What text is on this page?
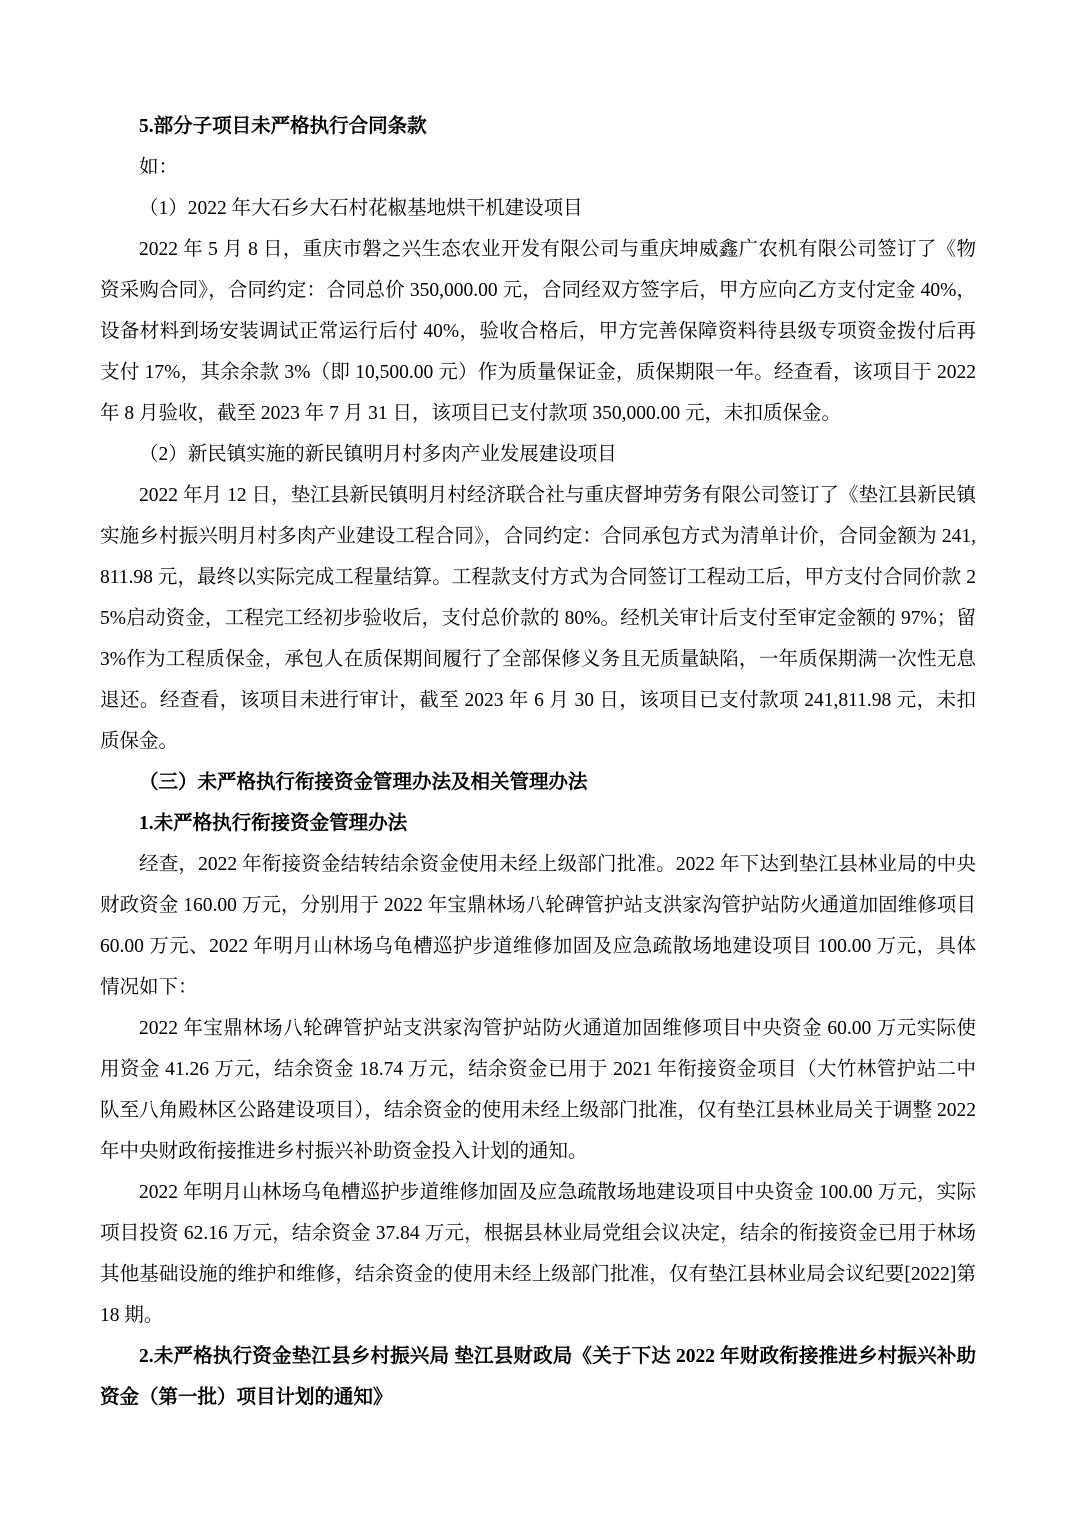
5.部分子项目未严格执行合同条款

如：

（1）2022 年大石乡大石村花椒基地烘干机建设项目

2022 年 5 月 8 日，重庆市磐之兴生态农业开发有限公司与重庆坤威鑫广农机有限公司签订了《物资采购合同》，合同约定：合同总价 350,000.00 元，合同经双方签字后，甲方应向乙方支付定金 40%，设备材料到场安装调试正常运行后付 40%，验收合格后，甲方完善保障资料待县级专项资金拨付后再支付 17%，其余余款 3%（即 10,500.00 元）作为质量保证金，质保期限一年。经查看，该项目于 2022 年 8 月验收，截至 2023 年 7 月 31 日，该项目已支付款项 350,000.00 元，未扣质保金。

（2）新民镇实施的新民镇明月村多肉产业发展建设项目

2022 年月 12 日，垫江县新民镇明月村经济联合社与重庆督坤劳务有限公司签订了《垫江县新民镇实施乡村振兴明月村多肉产业建设工程合同》，合同约定：合同承包方式为清单计价，合同金额为 241,811.98 元，最终以实际完成工程量结算。工程款支付方式为合同签订工程动工后，甲方支付合同价款 25%启动资金，工程完工经初步验收后，支付总价款的 80%。经机关审计后支付至审定金额的 97%；留 3%作为工程质保金，承包人在质保期间履行了全部保修义务且无质量缺陷，一年质保期满一次性无息退还。经查看，该项目未进行审计，截至 2023 年 6 月 30 日，该项目已支付款项 241,811.98 元，未扣质保金。

（三）未严格执行衔接资金管理办法及相关管理办法

1.未严格执行衔接资金管理办法

经查，2022 年衔接资金结转结余资金使用未经上级部门批准。2022 年下达到垫江县林业局的中央财政资金 160.00 万元，分别用于 2022 年宝鼎林场八轮碑管护站支洪家沟管护站防火通道加固维修项目 60.00 万元、2022 年明月山林场乌龟槽巡护步道维修加固及应急疏散场地建设项目 100.00 万元，具体情况如下：

2022 年宝鼎林场八轮碑管护站支洪家沟管护站防火通道加固维修项目中央资金 60.00 万元实际使用资金 41.26 万元，结余资金 18.74 万元，结余资金已用于 2021 年衔接资金项目（大竹林管护站二中队至八角殿林区公路建设项目），结余资金的使用未经上级部门批准，仅有垫江县林业局关于调整 2022 年中央财政衔接推进乡村振兴补助资金投入计划的通知。

2022 年明月山林场乌龟槽巡护步道维修加固及应急疏散场地建设项目中央资金 100.00 万元，实际项目投资 62.16 万元，结余资金 37.84 万元，根据县林业局党组会议决定，结余的衔接资金已用于林场其他基础设施的维护和维修，结余资金的使用未经上级部门批准，仅有垫江县林业局会议纪要[2022]第 18 期。

2.未严格执行资金垫江县乡村振兴局 垫江县财政局《关于下达 2022 年财政衔接推进乡村振兴补助资金（第一批）项目计划的通知》
